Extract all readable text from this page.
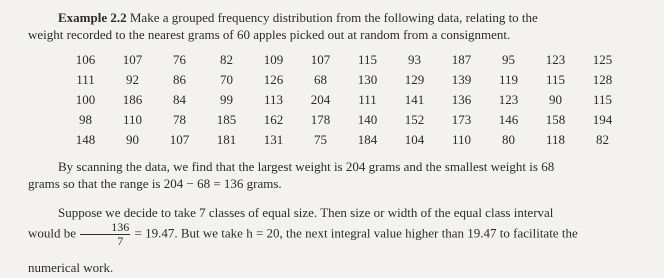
Example 2.2 Make a grouped frequency distribution from the following data, relating to the
weight recorded to the nearest grams of 60 apples picked out at random from a consignment.
106	107	76	82	109	107	115	93	187	95	123	125
111	92	86	70	126	68	130	129	139	119	115	128
100	186	84	99	113	204	111	141	136	123	90	115
98	110	78	185	162	178	140	152	173	146	158	194
148	90	107	181	131	75	184	104	110	80	118	82
By scanning the data, we find that the largest weight is 204 grams and the smallest weight is 68
grams so that the range is 204 − 68 = 136 grams.
Suppose we decide to take 7 classes of equal size. Then size or width of the equal class interval
would be $\frac{136}{7} = 19.47$. But we take h = 20, the next integral value higher than 19.47 to facilitate the
numerical work.
